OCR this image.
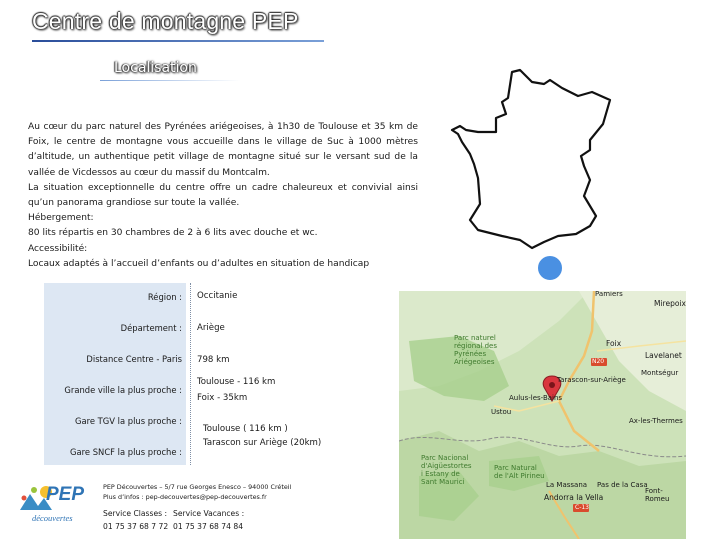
Centre de montagne PEP
Localisation

Au cœur du parc naturel des Pyrénées ariégeoises, à 1h30 de Toulouse et 35 km de Foix, le centre de montagne vous accueille dans le village de Suc à 1000 mètres d’altitude, un authentique petit village de montagne situé sur le versant sud de la vallée de Vicdessos au cœur du massif du Montcalm.

La situation exceptionnelle du centre offre un cadre chaleureux et convivial ainsi qu’un panorama grandiose sur toute la vallée.

Hébergement:

80 lits répartis en 30 chambres de 2 à 6 lits avec douche et wc.

Accessibilité:

Locaux adaptés à l’accueil d’enfants ou d’adultes en situation de handicap

Région : Occitanie
Département : Ariège
Distance Centre - Paris 798 km
Grande ville la plus proche :
Toulouse - 116 km
Foix - 35km
Gare TGV la plus proche :
Toulouse ( 116 km )
Gare SNCF la plus proche :
Tarascon sur Ariège (20km)
Pamiers
Mirepoix
Parc naturel
régional des
Pyrénées
Ariégeoises
Foix
Lavelanet
Montségur
N20
Tarascon-sur-Ariège
Aulus-les-Bains
Ustou
Ax-les-Thermes
Parc Nacional
d'Aigüestortes
i Estany de
Sant Maurici
Parc Natural
de l'Alt Pirineu
C-13
La Massana Pas de la Casa
Font-Romeu
Andorra la Vella
PEP
découvertes
PEP Découvertes – 5/7 rue Georges Enesco – 94000 Créteil
Plus d’infos : pep-decouvertes@pep-decouvertes.fr
Service Classes :
01 75 37 68 7 72
Service Vacances :
01 75 37 68 74 84
